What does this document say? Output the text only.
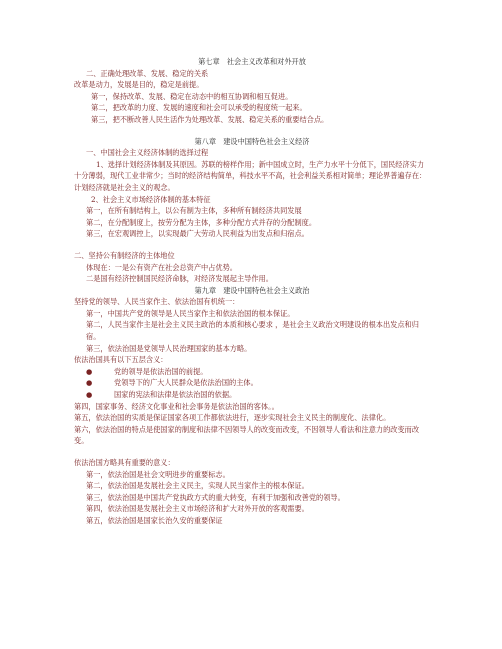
第七章　社会主义改革和对外开放

二、正确处理改革、发展、稳定的关系

改革是动力，发展是目的，稳定是前提。

第一，保持改革、发展、稳定在动态中的相互协调和相互促进。

第二，把改革的力度、发展的速度和社会可以承受的程度统一起来。

第三，把不断改善人民生活作为处理改革、发展、稳定关系的重要结合点。

第八章　建设中国特色社会主义经济

一、中国社会主义经济体制的选择过程

1、选择计划经济体制及其原因。苏联的榜样作用；新中国成立时，生产力水平十分低下，国民经济实力十分薄弱，现代工业非常少；当时的经济结构简单，科技水平不高，社会利益关系相对简单；理论界普遍存在：计划经济就是社会主义的观念。

2、社会主义市场经济体制的基本特征

第一，在所有制结构上，以公有制为主体，多种所有制经济共同发展

第二，在分配制度上，按劳分配为主体，多种分配方式并存的分配制度。

第三，在宏观调控上，以实现最广大劳动人民利益为出发点和归宿点。

二、坚持公有制经济的主体地位

体现在：一是公有资产在社会总资产中占优势。

二是国有经济控制国民经济命脉，对经济发展起主导作用。

第九章　建设中国特色社会主义政治

坚持党的领导、人民当家作主、依法治国有机统一：

第一，中国共产党的领导是人民当家作主和依法治国的根本保证。

第二，人民当家作主是社会主义民主政治的本质和核心要求 ，是社会主义政治文明建设的根本出发点和归宿。

第三，依法治国是党领导人民治理国家的基本方略。

依法治国具有以下五层含义：

●	党的领导是依法治国的前提。

●	党领导下的广大人民群众是依法治国的主体。

●	国家的宪法和法律是依法治国的依据。

第四，国家事务、经济文化事业和社会事务是依法治国的客体。。

第五，依法治国的实质是保证国家各项工作都依法进行，逐步实现社会主义民主的制度化、法律化。

第六，依法治国的特点是使国家的制度和法律不因领导人的改变而改变，不因领导人看法和注意力的改变而改变。

依法治国方略具有重要的意义：

第一，依法治国是社会文明进步的重要标志。

第二，依法治国是发展社会主义民主，实现人民当家作主的根本保证。

第三，依法治国是中国共产党执政方式的重大转变，有利于加强和改善党的领导。

第四，依法治国是发展社会主义市场经济和扩大对外开放的客观需要。

第五，依法治国是国家长治久安的重要保证
